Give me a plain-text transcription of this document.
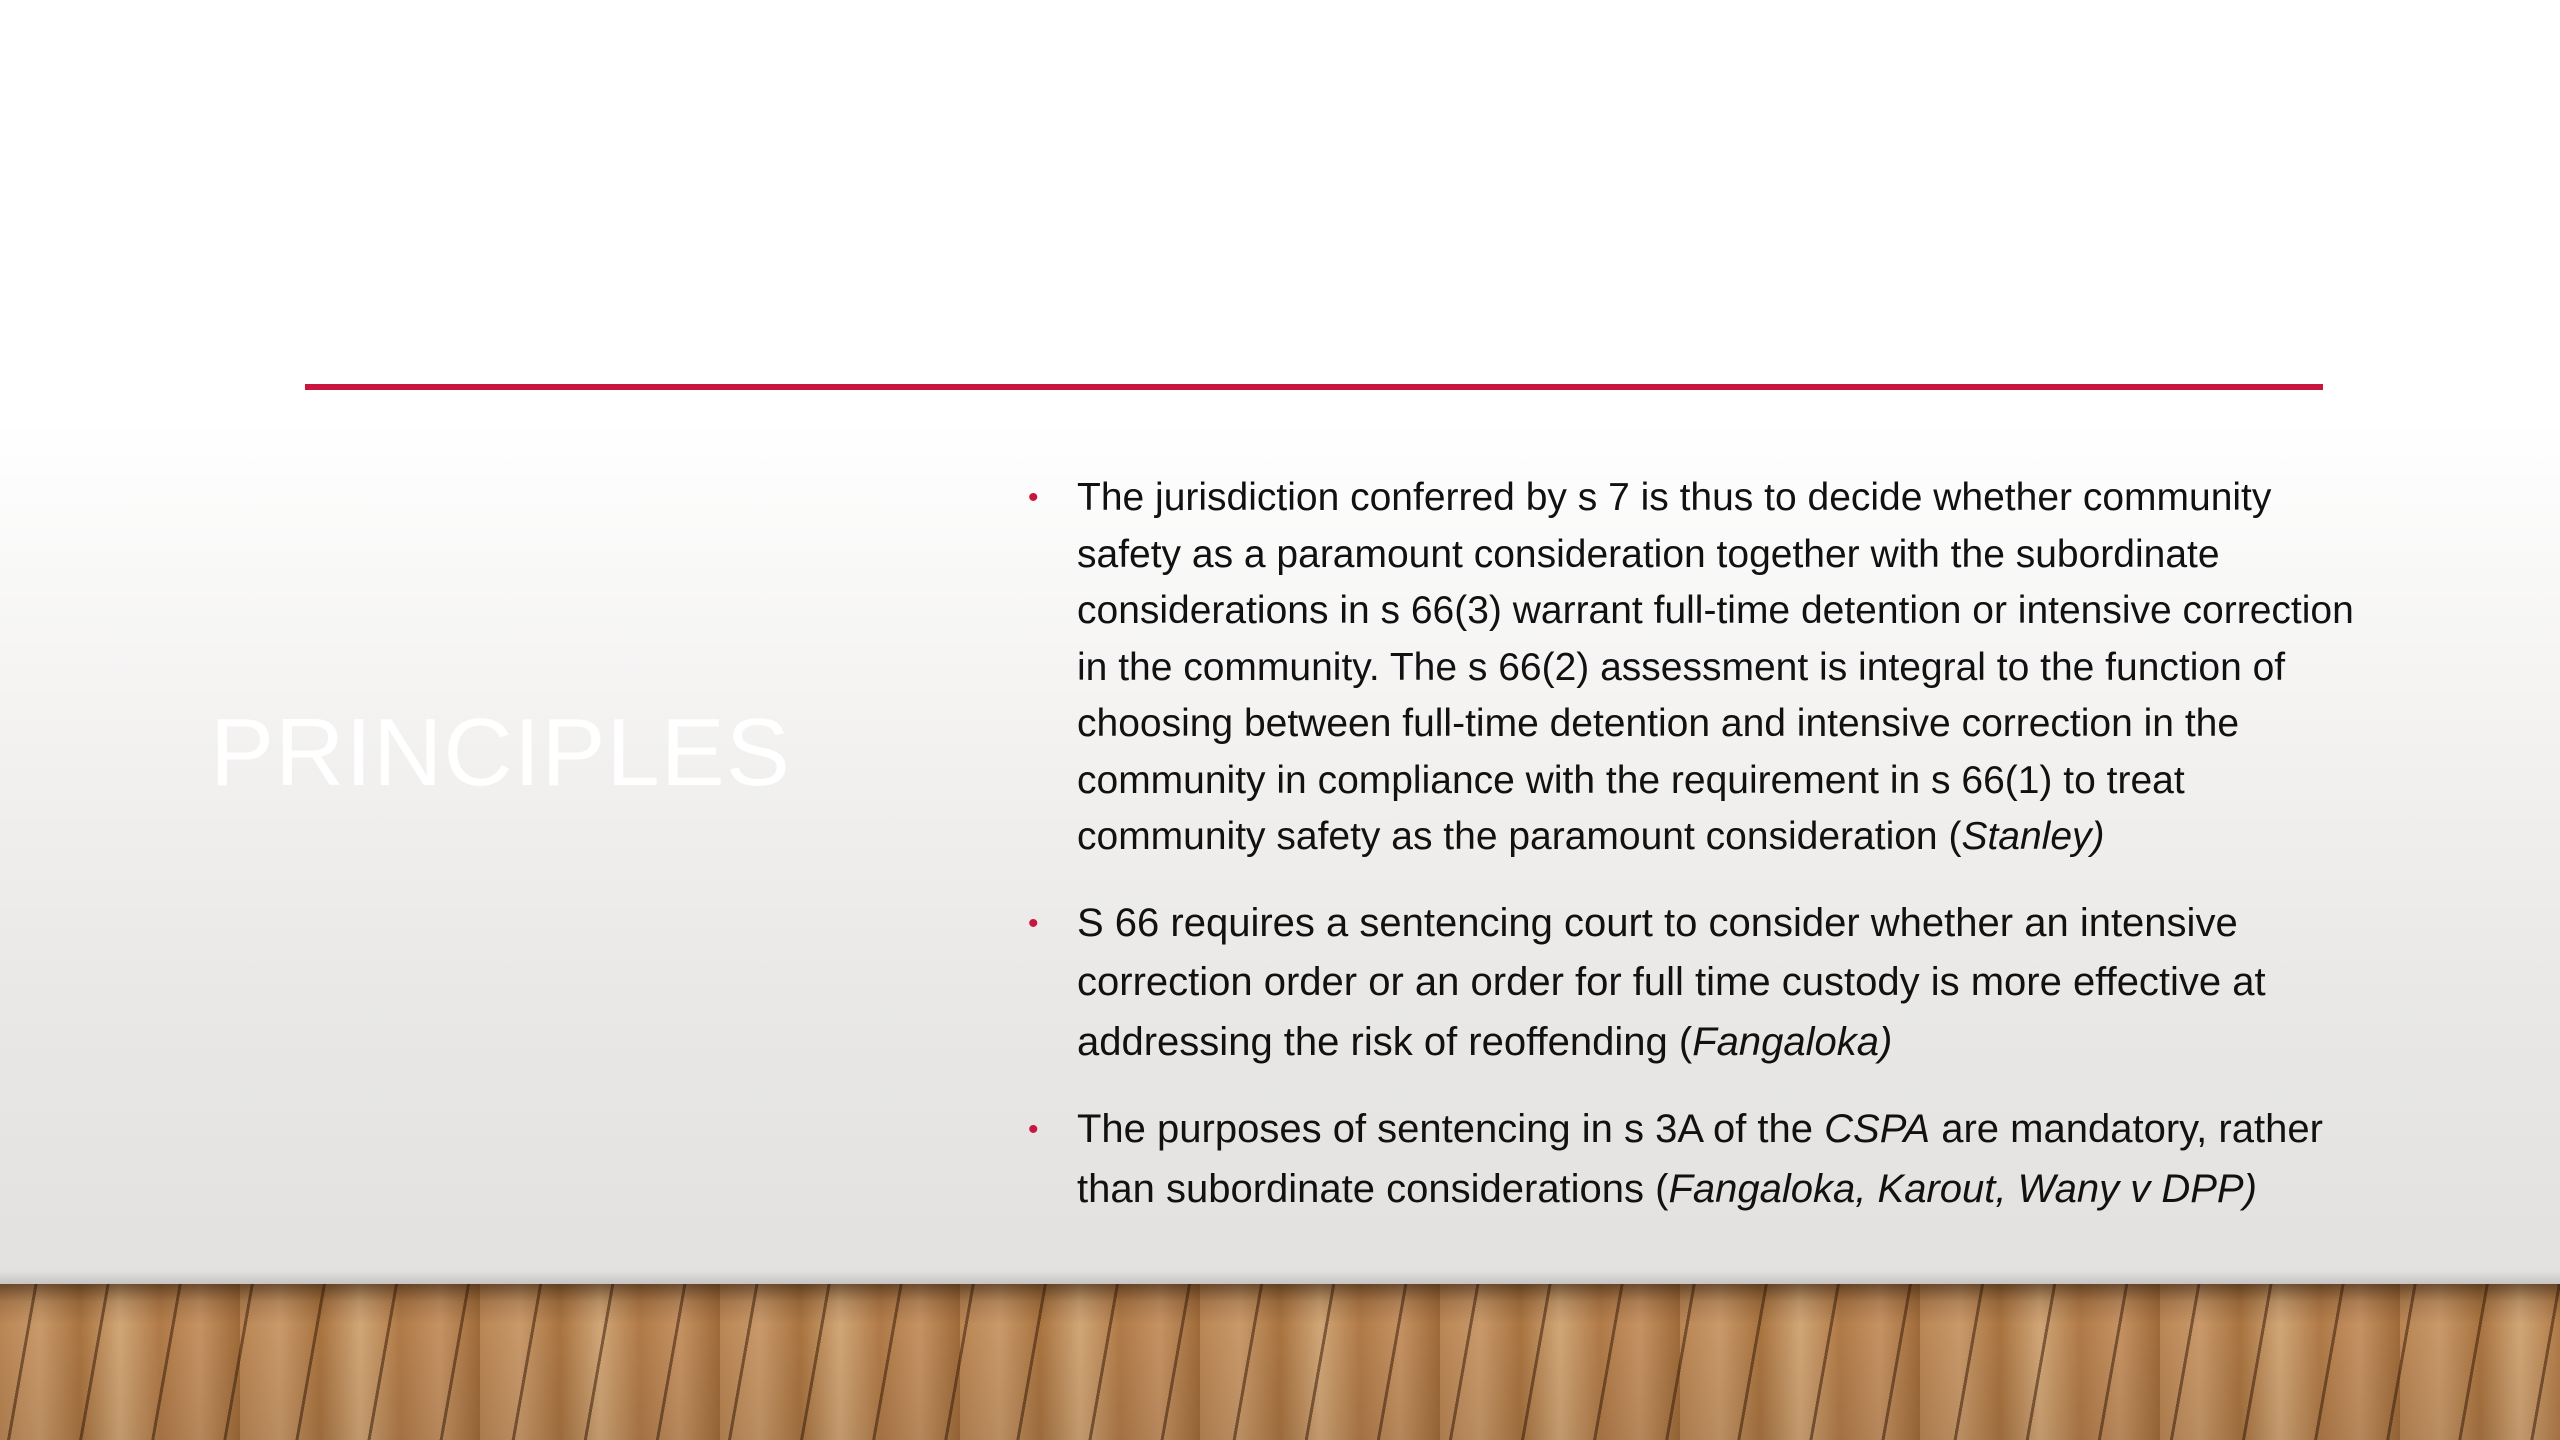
PRINCIPLES

• The jurisdiction conferred by s 7 is thus to decide whether community safety as a paramount consideration together with the subordinate considerations in s 66(3) warrant full-time detention or intensive correction in the community. The s 66(2) assessment is integral to the function of choosing between full-time detention and intensive correction in the community in compliance with the requirement in s 66(1) to treat community safety as the paramount consideration (Stanley)

• S 66 requires a sentencing court to consider whether an intensive correction order or an order for full time custody is more effective at addressing the risk of reoffending (Fangaloka)

• The purposes of sentencing in s 3A of the CSPA are mandatory, rather than subordinate considerations (Fangaloka, Karout, Wany v DPP)
